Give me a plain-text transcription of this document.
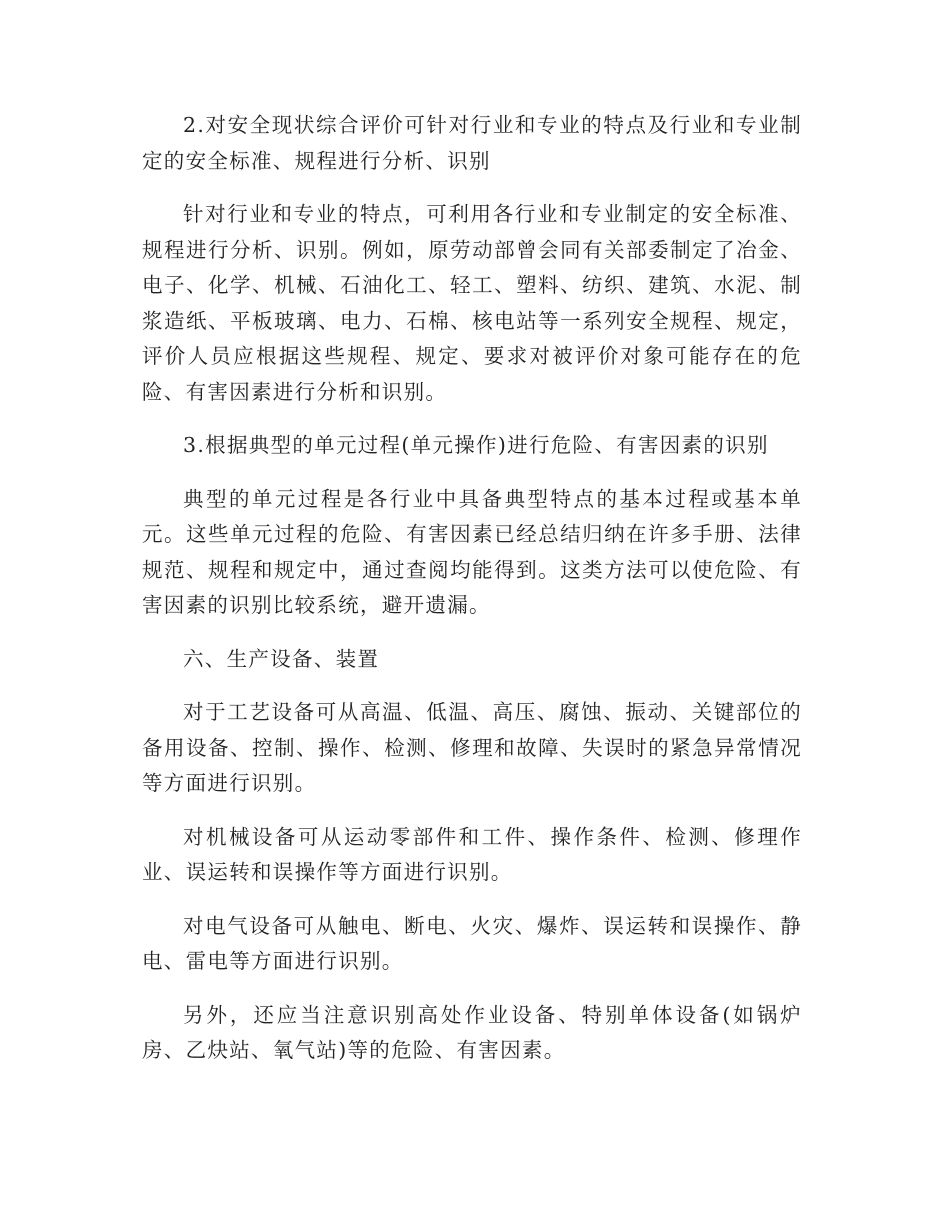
2.对安全现状综合评价可针对行业和专业的特点及行业和专业制定的安全标准、规程进行分析、识别

针对行业和专业的特点，可利用各行业和专业制定的安全标准、规程进行分析、识别。例如，原劳动部曾会同有关部委制定了冶金、电子、化学、机械、石油化工、轻工、塑料、纺织、建筑、水泥、制浆造纸、平板玻璃、电力、石棉、核电站等一系列安全规程、规定，评价人员应根据这些规程、规定、要求对被评价对象可能存在的危险、有害因素进行分析和识别。

3.根据典型的单元过程(单元操作)进行危险、有害因素的识别

典型的单元过程是各行业中具备典型特点的基本过程或基本单元。这些单元过程的危险、有害因素已经总结归纳在许多手册、法律规范、规程和规定中，通过查阅均能得到。这类方法可以使危险、有害因素的识别比较系统，避开遗漏。

六、生产设备、装置

对于工艺设备可从高温、低温、高压、腐蚀、振动、关键部位的备用设备、控制、操作、检测、修理和故障、失误时的紧急异常情况等方面进行识别。

对机械设备可从运动零部件和工件、操作条件、检测、修理作业、误运转和误操作等方面进行识别。

对电气设备可从触电、断电、火灾、爆炸、误运转和误操作、静电、雷电等方面进行识别。

另外，还应当注意识别高处作业设备、特别单体设备(如锅炉房、乙炔站、氧气站)等的危险、有害因素。
